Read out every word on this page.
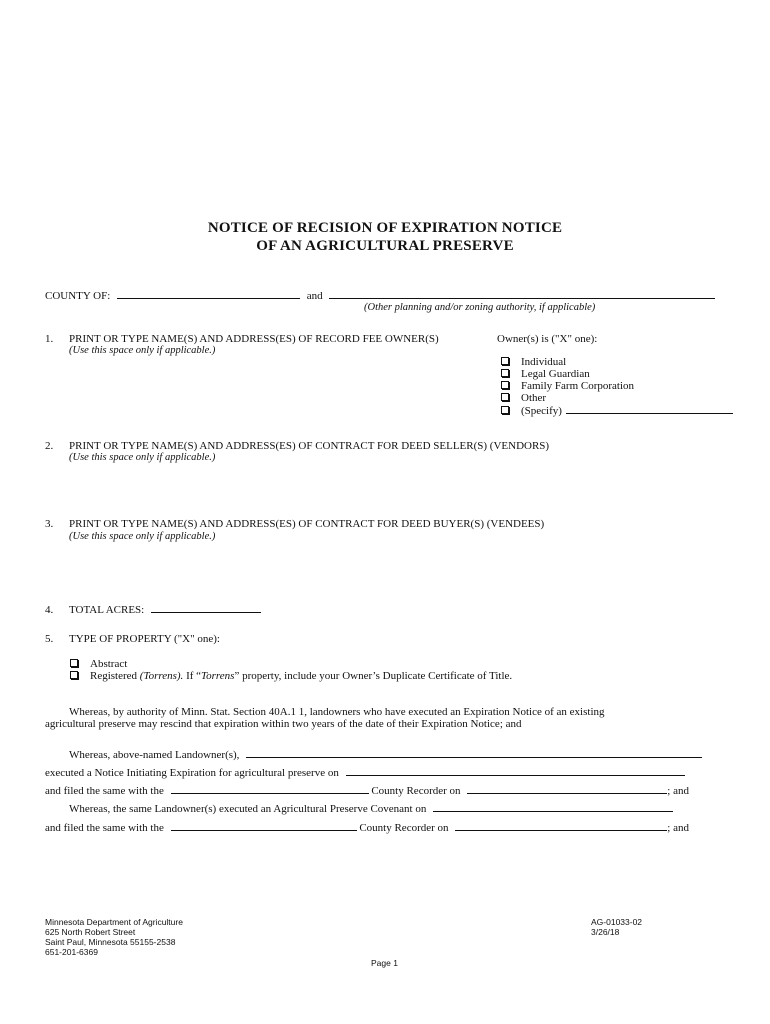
NOTICE OF RECISION OF EXPIRATION NOTICE
OF AN AGRICULTURAL PRESERVE
COUNTY OF:	and
(Other planning and/or zoning authority, if applicable)
1. PRINT OR TYPE NAME(S) AND ADDRESS(ES) OF RECORD FEE OWNER(S)	Owner(s) is ("X" one):
(Use this space only if applicable.)
Individual
Legal Guardian
Family Farm Corporation
Other
(Specify)
2. PRINT OR TYPE NAME(S) AND ADDRESS(ES) OF CONTRACT FOR DEED SELLER(S) (VENDORS)
(Use this space only if applicable.)
3. PRINT OR TYPE NAME(S) AND ADDRESS(ES) OF CONTRACT FOR DEED BUYER(S) (VENDEES)
(Use this space only if applicable.)
4. TOTAL ACRES:
5. TYPE OF PROPERTY ("X" one):
Abstract
Registered (Torrens). If “Torrens” property, include your Owner’s Duplicate Certificate of Title.
Whereas, by authority of Minn. Stat. Section 40A.1 1, landowners who have executed an Expiration Notice of an existing
agricultural preserve may rescind that expiration within two years of the date of their Expiration Notice; and
Whereas, above-named Landowner(s),
executed a Notice Initiating Expiration for agricultural preserve on
and filed the same with the	County Recorder on	; and
Whereas, the same Landowner(s) executed an Agricultural Preserve Covenant on
and filed the same with the	County Recorder on	; and
Minnesota Department of Agriculture
625 North Robert Street
Saint Paul, Minnesota 55155-2538
651-201-6369
AG-01033-02
3/26/18
Page 1
